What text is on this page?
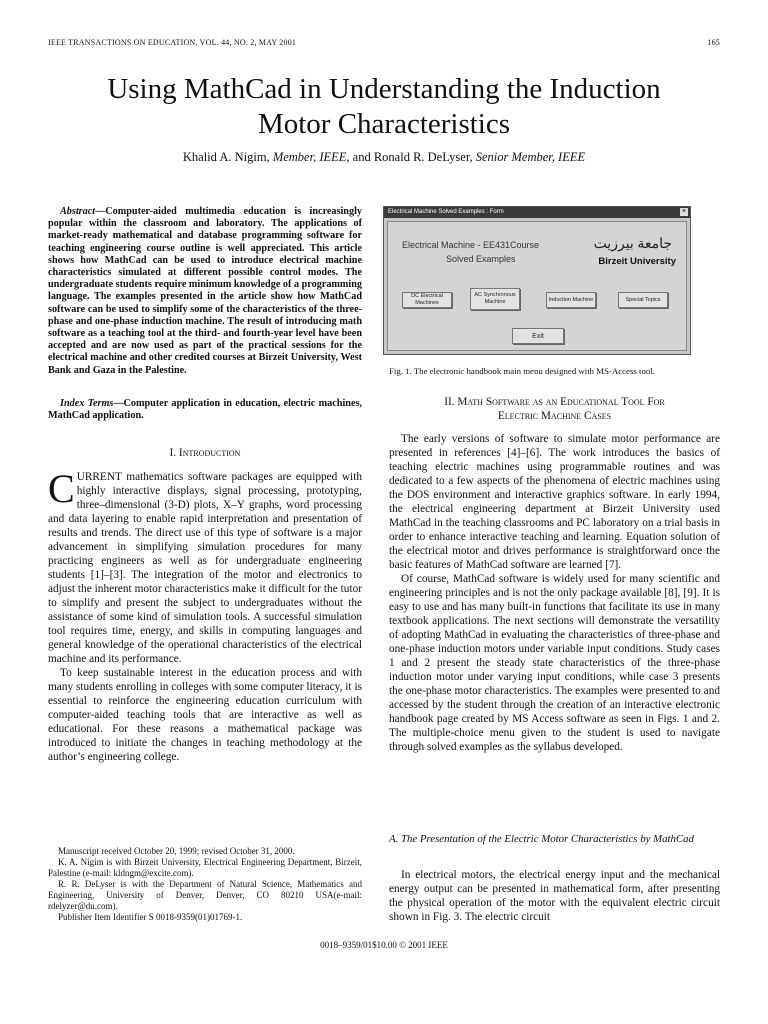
IEEE TRANSACTIONS ON EDUCATION, VOL. 44, NO. 2, MAY 2001	165
Using MathCad in Understanding the Induction
Motor Characteristics
Khalid A. Nigim, Member, IEEE, and Ronald R. DeLyser, Senior Member, IEEE
Abstract—Computer-aided multimedia education is increasingly popular within the classroom and laboratory. The applications of market-ready mathematical and database programming software for teaching engineering course outline is well appreciated. This article shows how MathCad can be used to introduce electrical machine characteristics simulated at different possible control modes. The undergraduate students require minimum knowledge of a programming language. The examples presented in the article show how MathCad software can be used to simplify some of the characteristics of the three-phase and one-phase induction machine. The result of introducing math software as a teaching tool at the third- and fourth-year level have been accepted and are now used as part of the practical sessions for the electrical machine and other credited courses at Birzeit University, West Bank and Gaza in the Palestine.
Index Terms—Computer application in education, electric machines, MathCad application.
I. Introduction

CURRENT mathematics software packages are equipped with highly interactive displays, signal processing, prototyping, three–dimensional (3-D) plots, X–Y graphs, word processing and data layering to enable rapid interpretation and presentation of results and trends. The direct use of this type of software is a major advancement in simplifying simulation procedures for many practicing engineers as well as for undergraduate engineering students [1]–[3]. The integration of the motor and electronics to adjust the inherent motor characteristics make it difficult for the tutor to simplify and present the subject to undergraduates without the assistance of some kind of simulation tools. A successful simulation tool requires time, energy, and skills in computing languages and general knowledge of the operational characteristics of the electrical machine and its performance.

To keep sustainable interest in the education process and with many students enrolling in colleges with some computer literacy, it is essential to reinforce the engineering education curriculum with computer-aided teaching tools that are interactive as well as educational. For these reasons a mathematical package was introduced to initiate the changes in teaching methodology at the author’s engineering college.

Manuscript received October 20, 1999; revised October 31, 2000.

K. A. Nigim is with Birzeit University, Electrical Engineering Department, Birzeit, Palestine (e-mail: kldngm@excite.com).

R. R. DeLyser is with the Department of Natural Science, Mathematics and Engineering, University of Denver, Denver, CO 80210 USA(e-mail: rdelyzer@du.com).

Publisher Item Identifier S 0018-9359(01)01769-1.

Electrical Machine Solved Examples : Form	×
Electrical Machine - EE431Course
Solved Examples
جامعة بيرزيت
Birzeit University
DC Electrical Machines
AC Synchronous Machine	Induction Machine	Special Topics
Exit
Fig. 1. The electronic handbook main menu designed with MS-Access tool.
II. Math Software as an Educational Tool For
Electric Machine Cases

The early versions of software to simulate motor performance are presented in references [4]–[6]. The work introduces the basics of teaching electric machines using programmable routines and was dedicated to a few aspects of the phenomena of electric machines using the DOS environment and interactive graphics software. In early 1994, the electrical engineering department at Birzeit University used MathCad in the teaching classrooms and PC laboratory on a trial basis in order to enhance interactive teaching and learning. Equation solution of the electrical motor and drives performance is straightforward once the basic features of MathCad software are learned [7].

Of course, MathCad software is widely used for many scientific and engineering principles and is not the only package available [8], [9]. It is easy to use and has many built-in functions that facilitate its use in many textbook applications. The next sections will demonstrate the versatility of adopting MathCad in evaluating the characteristics of three-phase and one-phase induction motors under variable input conditions. Study cases 1 and 2 present the steady state characteristics of the three-phase induction motor under varying input conditions, while case 3 presents the one-phase motor characteristics. The examples were presented to and accessed by the student through the creation of an interactive electronic handbook page created by MS Access software as seen in Figs. 1 and 2. The multiple-choice menu given to the student is used to navigate through solved examples as the syllabus developed.

A. The Presentation of the Electric Motor Characteristics by MathCad

In electrical motors, the electrical energy input and the mechanical energy output can be presented in mathematical form, after presenting the physical operation of the motor with the equivalent electric circuit shown in Fig. 3. The electric circuit

0018–9359/01$10.00 © 2001 IEEE
